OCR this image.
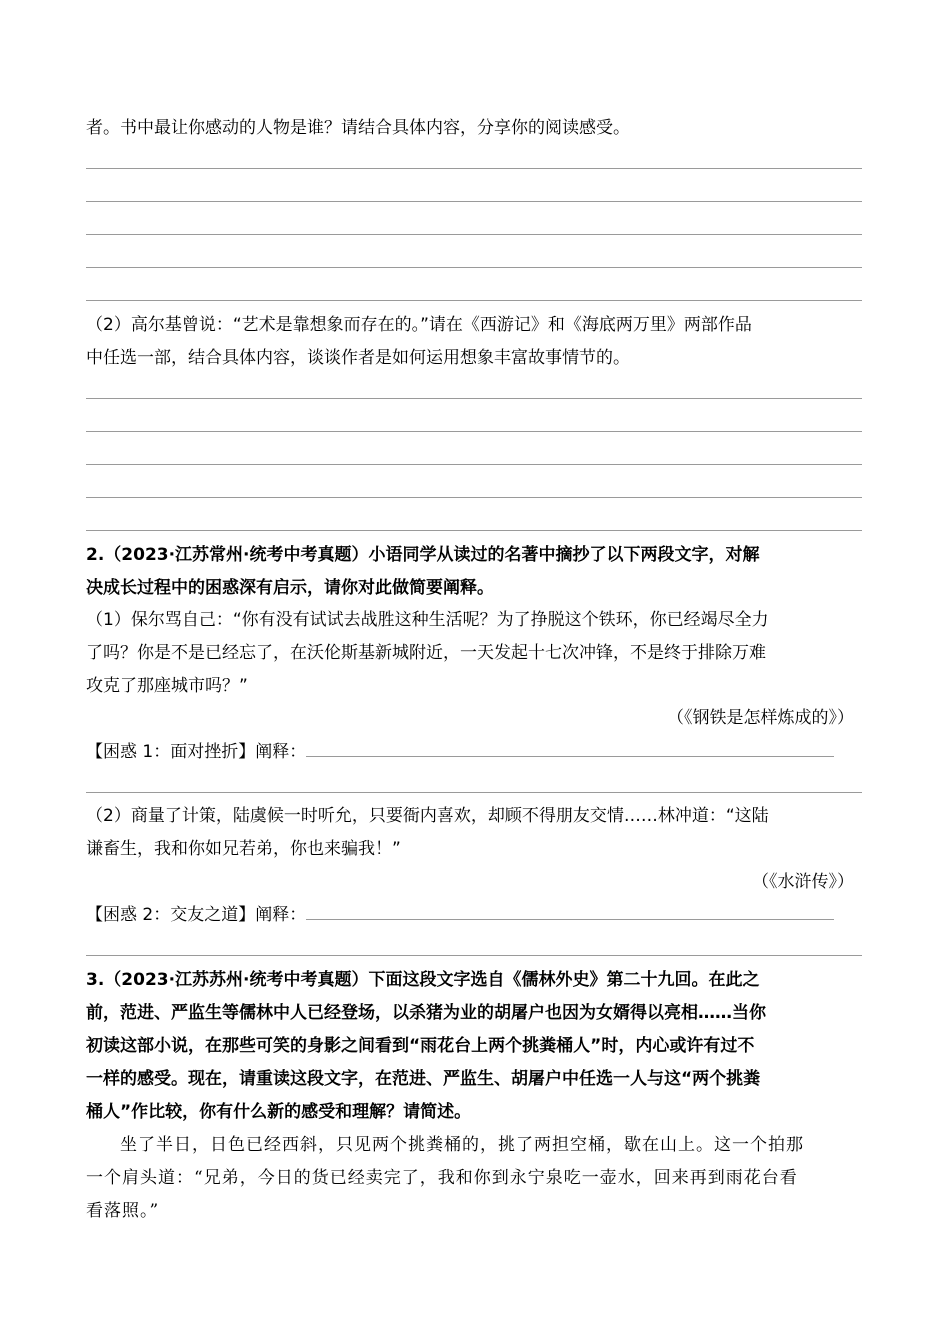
者。书中最让你感动的人物是谁？请结合具体内容，分享你的阅读感受。
（2）高尔基曾说：“艺术是靠想象而存在的。”请在《西游记》和《海底两万里》两部作品
中任选一部，结合具体内容，谈谈作者是如何运用想象丰富故事情节的。
2.（2023·江苏常州·统考中考真题）小语同学从读过的名著中摘抄了以下两段文字，对解
决成长过程中的困惑深有启示，请你对此做简要阐释。
（1）保尔骂自己：“你有没有试试去战胜这种生活呢？为了挣脱这个铁环，你已经竭尽全力
了吗？你是不是已经忘了，在沃伦斯基新城附近，一天发起十七次冲锋，不是终于排除万难
攻克了那座城市吗？”
（《钢铁是怎样炼成的》）
【困惑 1：面对挫折】阐释：
（2）商量了计策，陆虞候一时听允，只要衙内喜欢，却顾不得朋友交情……林冲道：“这陆
谦畜生，我和你如兄若弟，你也来骗我！”
（《水浒传》）
【困惑 2：交友之道】阐释：
3.（2023·江苏苏州·统考中考真题）下面这段文字选自《儒林外史》第二十九回。在此之
前，范进、严监生等儒林中人已经登场，以杀猪为业的胡屠户也因为女婿得以亮相……当你
初读这部小说，在那些可笑的身影之间看到“雨花台上两个挑粪桶人”时，内心或许有过不
一样的感受。现在，请重读这段文字，在范进、严监生、胡屠户中任选一人与这“两个挑粪
桶人”作比较，你有什么新的感受和理解？请简述。
坐了半日，日色已经西斜，只见两个挑粪桶的，挑了两担空桶，歇在山上。这一个拍那
一个肩头道：“兄弟，今日的货已经卖完了，我和你到永宁泉吃一壶水，回来再到雨花台看
看落照。”
